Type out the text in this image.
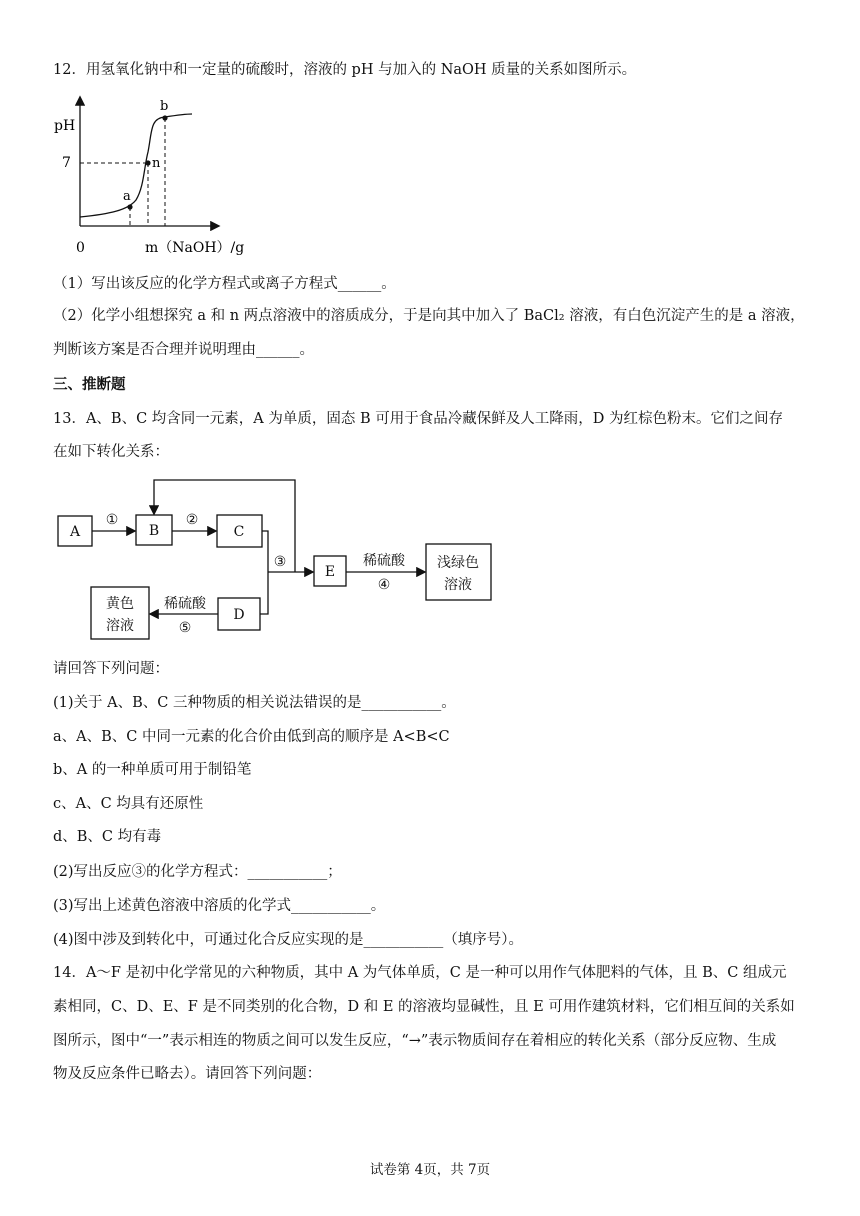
12．用氢氧化钠中和一定量的硫酸时，溶液的 pH 与加入的 NaOH 质量的关系如图所示。
pH
7
0	m（NaOH）/g
a
n
b
（1）写出该反应的化学方程式或离子方程式______。
（2）化学小组想探究 a 和 n 两点溶液中的溶质成分，于是向其中加入了 BaCl₂ 溶液，有白色沉淀产生的是 a 溶液，
判断该方案是否合理并说明理由______。
三、推断题
13．A、B、C 均含同一元素，A 为单质，固态 B 可用于食品冷藏保鲜及人工降雨，D 为红棕色粉末。它们之间存
在如下转化关系：
A	B	C
E
D
浅绿色
溶液
黄色
溶液
①	②
③	稀硫酸
④
稀硫酸
⑤
请回答下列问题：
(1)关于 A、B、C 三种物质的相关说法错误的是___________。
a、A、B、C 中同一元素的化合价由低到高的顺序是 A<B<C
b、A 的一种单质可用于制铅笔
c、A、C 均具有还原性
d、B、C 均有毒
(2)写出反应③的化学方程式：___________；
(3)写出上述黄色溶液中溶质的化学式___________。
(4)图中涉及到转化中，可通过化合反应实现的是___________（填序号）。
14．A～F 是初中化学常见的六种物质，其中 A 为气体单质，C 是一种可以用作气体肥料的气体，且 B、C 组成元
素相同，C、D、E、F 是不同类别的化合物，D 和 E 的溶液均显碱性，且 E 可用作建筑材料，它们相互间的关系如
图所示，图中“一”表示相连的物质之间可以发生反应，“→”表示物质间存在着相应的转化关系（部分反应物、生成
物及反应条件已略去）。请回答下列问题：
试卷第 4页，共 7页
